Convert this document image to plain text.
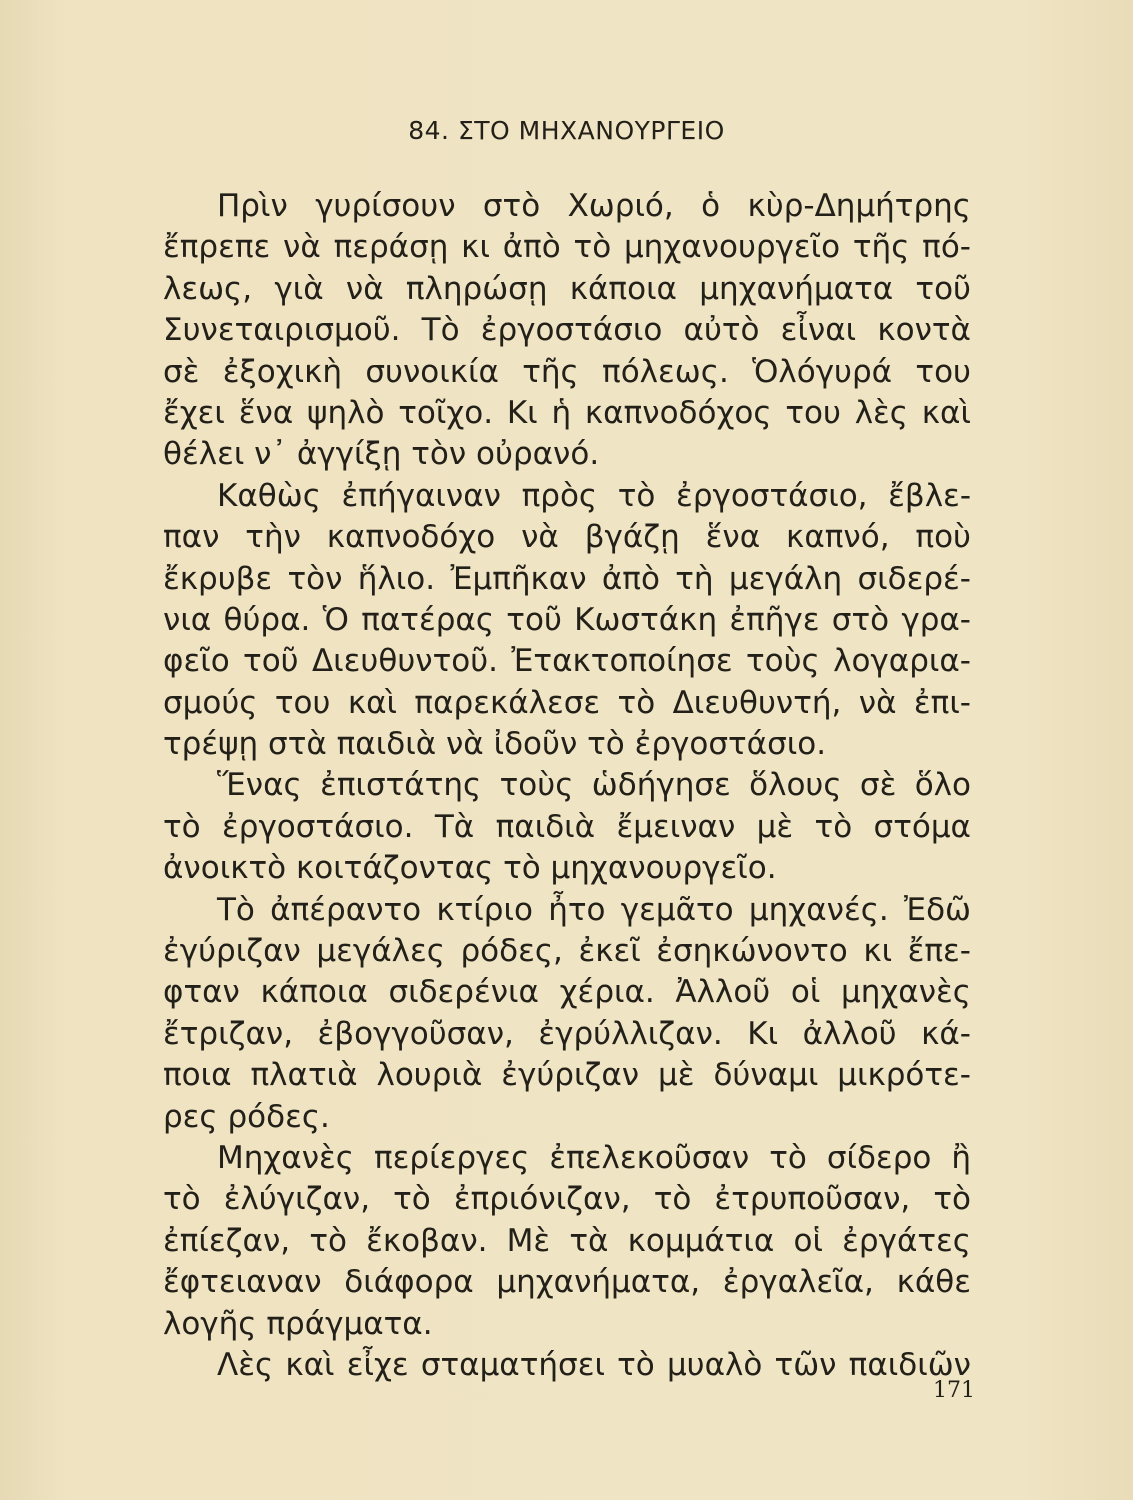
84. ΣΤΟ ΜΗΧΑΝΟΥΡΓΕΙΟ
Πρὶν γυρίσουν στὸ Χωριό, ὁ κὺρ-Δημήτρης
ἔπρεπε νὰ περάσῃ κι ἀπὸ τὸ μηχανουργεῖο τῆς πό-
λεως, γιὰ νὰ πληρώσῃ κάποια μηχανήματα τοῦ
Συνεταιρισμοῦ. Τὸ ἐργοστάσιο αὐτὸ εἶναι κοντὰ
σὲ ἐξοχικὴ συνοικία τῆς πόλεως. Ὁλόγυρά του
ἔχει ἕνα ψηλὸ τοῖχο. Κι ἡ καπνοδόχος του λὲς καὶ
θέλει ν᾽ ἀγγίξῃ τὸν οὐρανό.
Καθὼς ἐπήγαιναν πρὸς τὸ ἐργοστάσιο, ἔβλε-
παν τὴν καπνοδόχο νὰ βγάζῃ ἕνα καπνό, ποὺ
ἔκρυβε τὸν ἥλιο. Ἐμπῆκαν ἀπὸ τὴ μεγάλη σιδερέ-
νια θύρα. Ὁ πατέρας τοῦ Κωστάκη ἐπῆγε στὸ γρα-
φεῖο τοῦ Διευθυντοῦ. Ἐτακτοποίησε τοὺς λογαρια-
σμούς του καὶ παρεκάλεσε τὸ Διευθυντή, νὰ ἐπι-
τρέψῃ στὰ παιδιὰ νὰ ἰδοῦν τὸ ἐργοστάσιο.
Ἕνας ἐπιστάτης τοὺς ὡδήγησε ὅλους σὲ ὅλο
τὸ ἐργοστάσιο. Τὰ παιδιὰ ἔμειναν μὲ τὸ στόμα
ἀνοικτὸ κοιτάζοντας τὸ μηχανουργεῖο.
Τὸ ἀπέραντο κτίριο ἦτο γεμᾶτο μηχανές. Ἐδῶ
ἐγύριζαν μεγάλες ρόδες, ἐκεῖ ἐσηκώνοντο κι ἔπε-
φταν κάποια σιδερένια χέρια. Ἀλλοῦ οἱ μηχανὲς
ἔτριζαν, ἐβογγοῦσαν, ἐγρύλλιζαν. Κι ἀλλοῦ κά-
ποια πλατιὰ λουριὰ ἐγύριζαν μὲ δύναμι μικρότε-
ρες ρόδες.
Μηχανὲς περίεργες ἐπελεκοῦσαν τὸ σίδερο ἢ
τὸ ἐλύγιζαν, τὸ ἐπριόνιζαν, τὸ ἐτρυποῦσαν, τὸ
ἐπίεζαν, τὸ ἔκοβαν. Μὲ τὰ κομμάτια οἱ ἐργάτες
ἔφτειαναν διάφορα μηχανήματα, ἐργαλεῖα, κάθε
λογῆς πράγματα.
Λὲς καὶ εἶχε σταματήσει τὸ μυαλὸ τῶν παιδιῶν
171
